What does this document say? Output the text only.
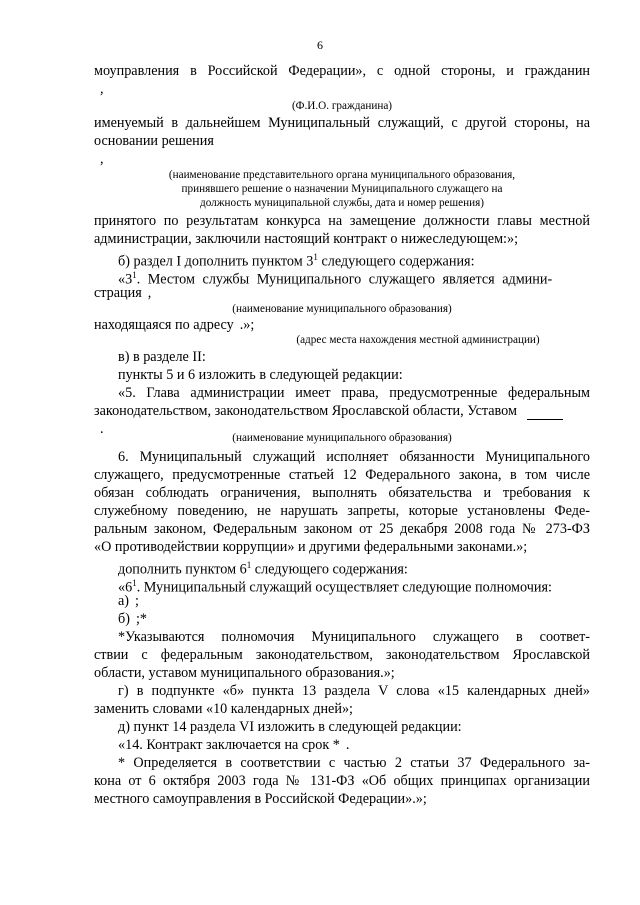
6
моуправления в Российской Федерации», с одной стороны, и гражданин
,
(Ф.И.О. гражданина)
именуемый в дальнейшем Муниципальный служащий, с другой стороны, на
основании решения
,
(наименование представительного органа муниципального образования,
принявшего решение о назначении Муниципального служащего на
должность муниципальной службы, дата и номер решения)
принятого по результатам конкурса на замещение должности главы местной
администрации, заключили настоящий контракт о нижеследующем:»;
б) раздел I дополнить пунктом $3^1$ следующего содержания:
«$3^1$. Местом службы Муниципального служащего является админи-
страция ,
(наименование муниципального образования)
находящаяся по адресу .»;
(адрес места нахождения местной администрации)
в) в разделе II:
пункты 5 и 6 изложить в следующей редакции:
«5. Глава администрации имеет права, предусмотренные федеральным
законодательством, законодательством Ярославской области, Уставом
.
(наименование муниципального образования)
6. Муниципальный служащий исполняет обязанности Муниципального
служащего, предусмотренные статьей 12 Федерального закона, в том числе
обязан соблюдать ограничения, выполнять обязательства и требования к
служебному поведению, не нарушать запреты, которые установлены Феде-
ральным законом, Федеральным законом от 25 декабря 2008 года № 273-ФЗ
«О противодействии коррупции» и другими федеральными законами.»;
дополнить пунктом $6^1$ следующего содержания:
«$6^1$. Муниципальный служащий осуществляет следующие полномочия:
а) ;
б) ;*
*Указываются полномочия Муниципального служащего в соответ-
ствии с федеральным законодательством, законодательством Ярославской
области, уставом муниципального образования.»;
г) в подпункте «б» пункта 13 раздела V слова «15 календарных дней»
заменить словами «10 календарных дней»;
д) пункт 14 раздела VI изложить в следующей редакции:
«14. Контракт заключается на срок * .
* Определяется в соответствии с частью 2 статьи 37 Федерального за-
кона от 6 октября 2003 года № 131-ФЗ «Об общих принципах организации
местного самоуправления в Российской Федерации».»;
